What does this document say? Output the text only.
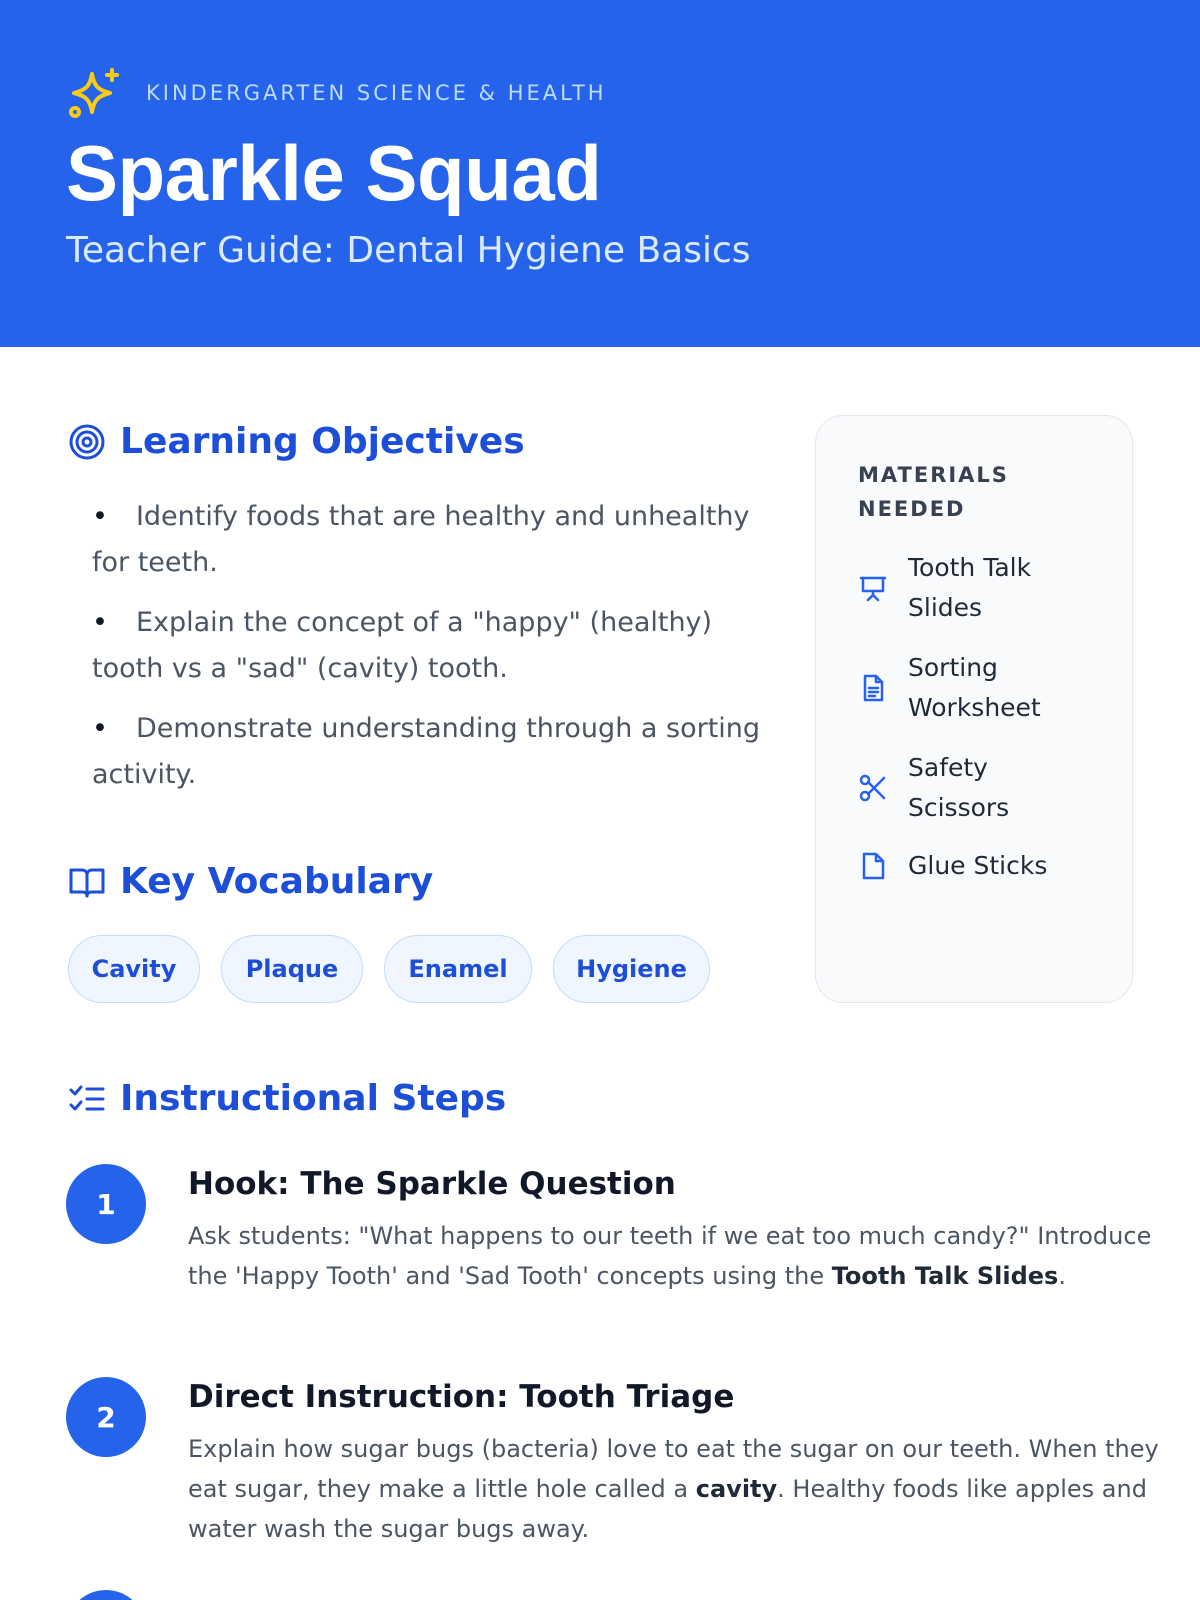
KINDERGARTEN SCIENCE & HEALTH
Sparkle Squad
Teacher Guide: Dental Hygiene Basics
Learning Objectives
• Identify foods that are healthy and unhealthy for teeth.
• Explain the concept of a "happy" (healthy) tooth vs a "sad" (cavity) tooth.
• Demonstrate understanding through a sorting activity.
Key Vocabulary
Cavity	Plaque	Enamel	Hygiene
MATERIALS NEEDED
Tooth Talk Slides
Sorting Worksheet
Safety Scissors
Glue Sticks
Instructional Steps
1
Hook: The Sparkle Question

Ask students: "What happens to our teeth if we eat too much candy?" Introduce the 'Happy Tooth' and 'Sad Tooth' concepts using the Tooth Talk Slides.

2
Direct Instruction: Tooth Triage

Explain how sugar bugs (bacteria) love to eat the sugar on our teeth. When they eat sugar, they make a little hole called a cavity. Healthy foods like apples and water wash the sugar bugs away.
